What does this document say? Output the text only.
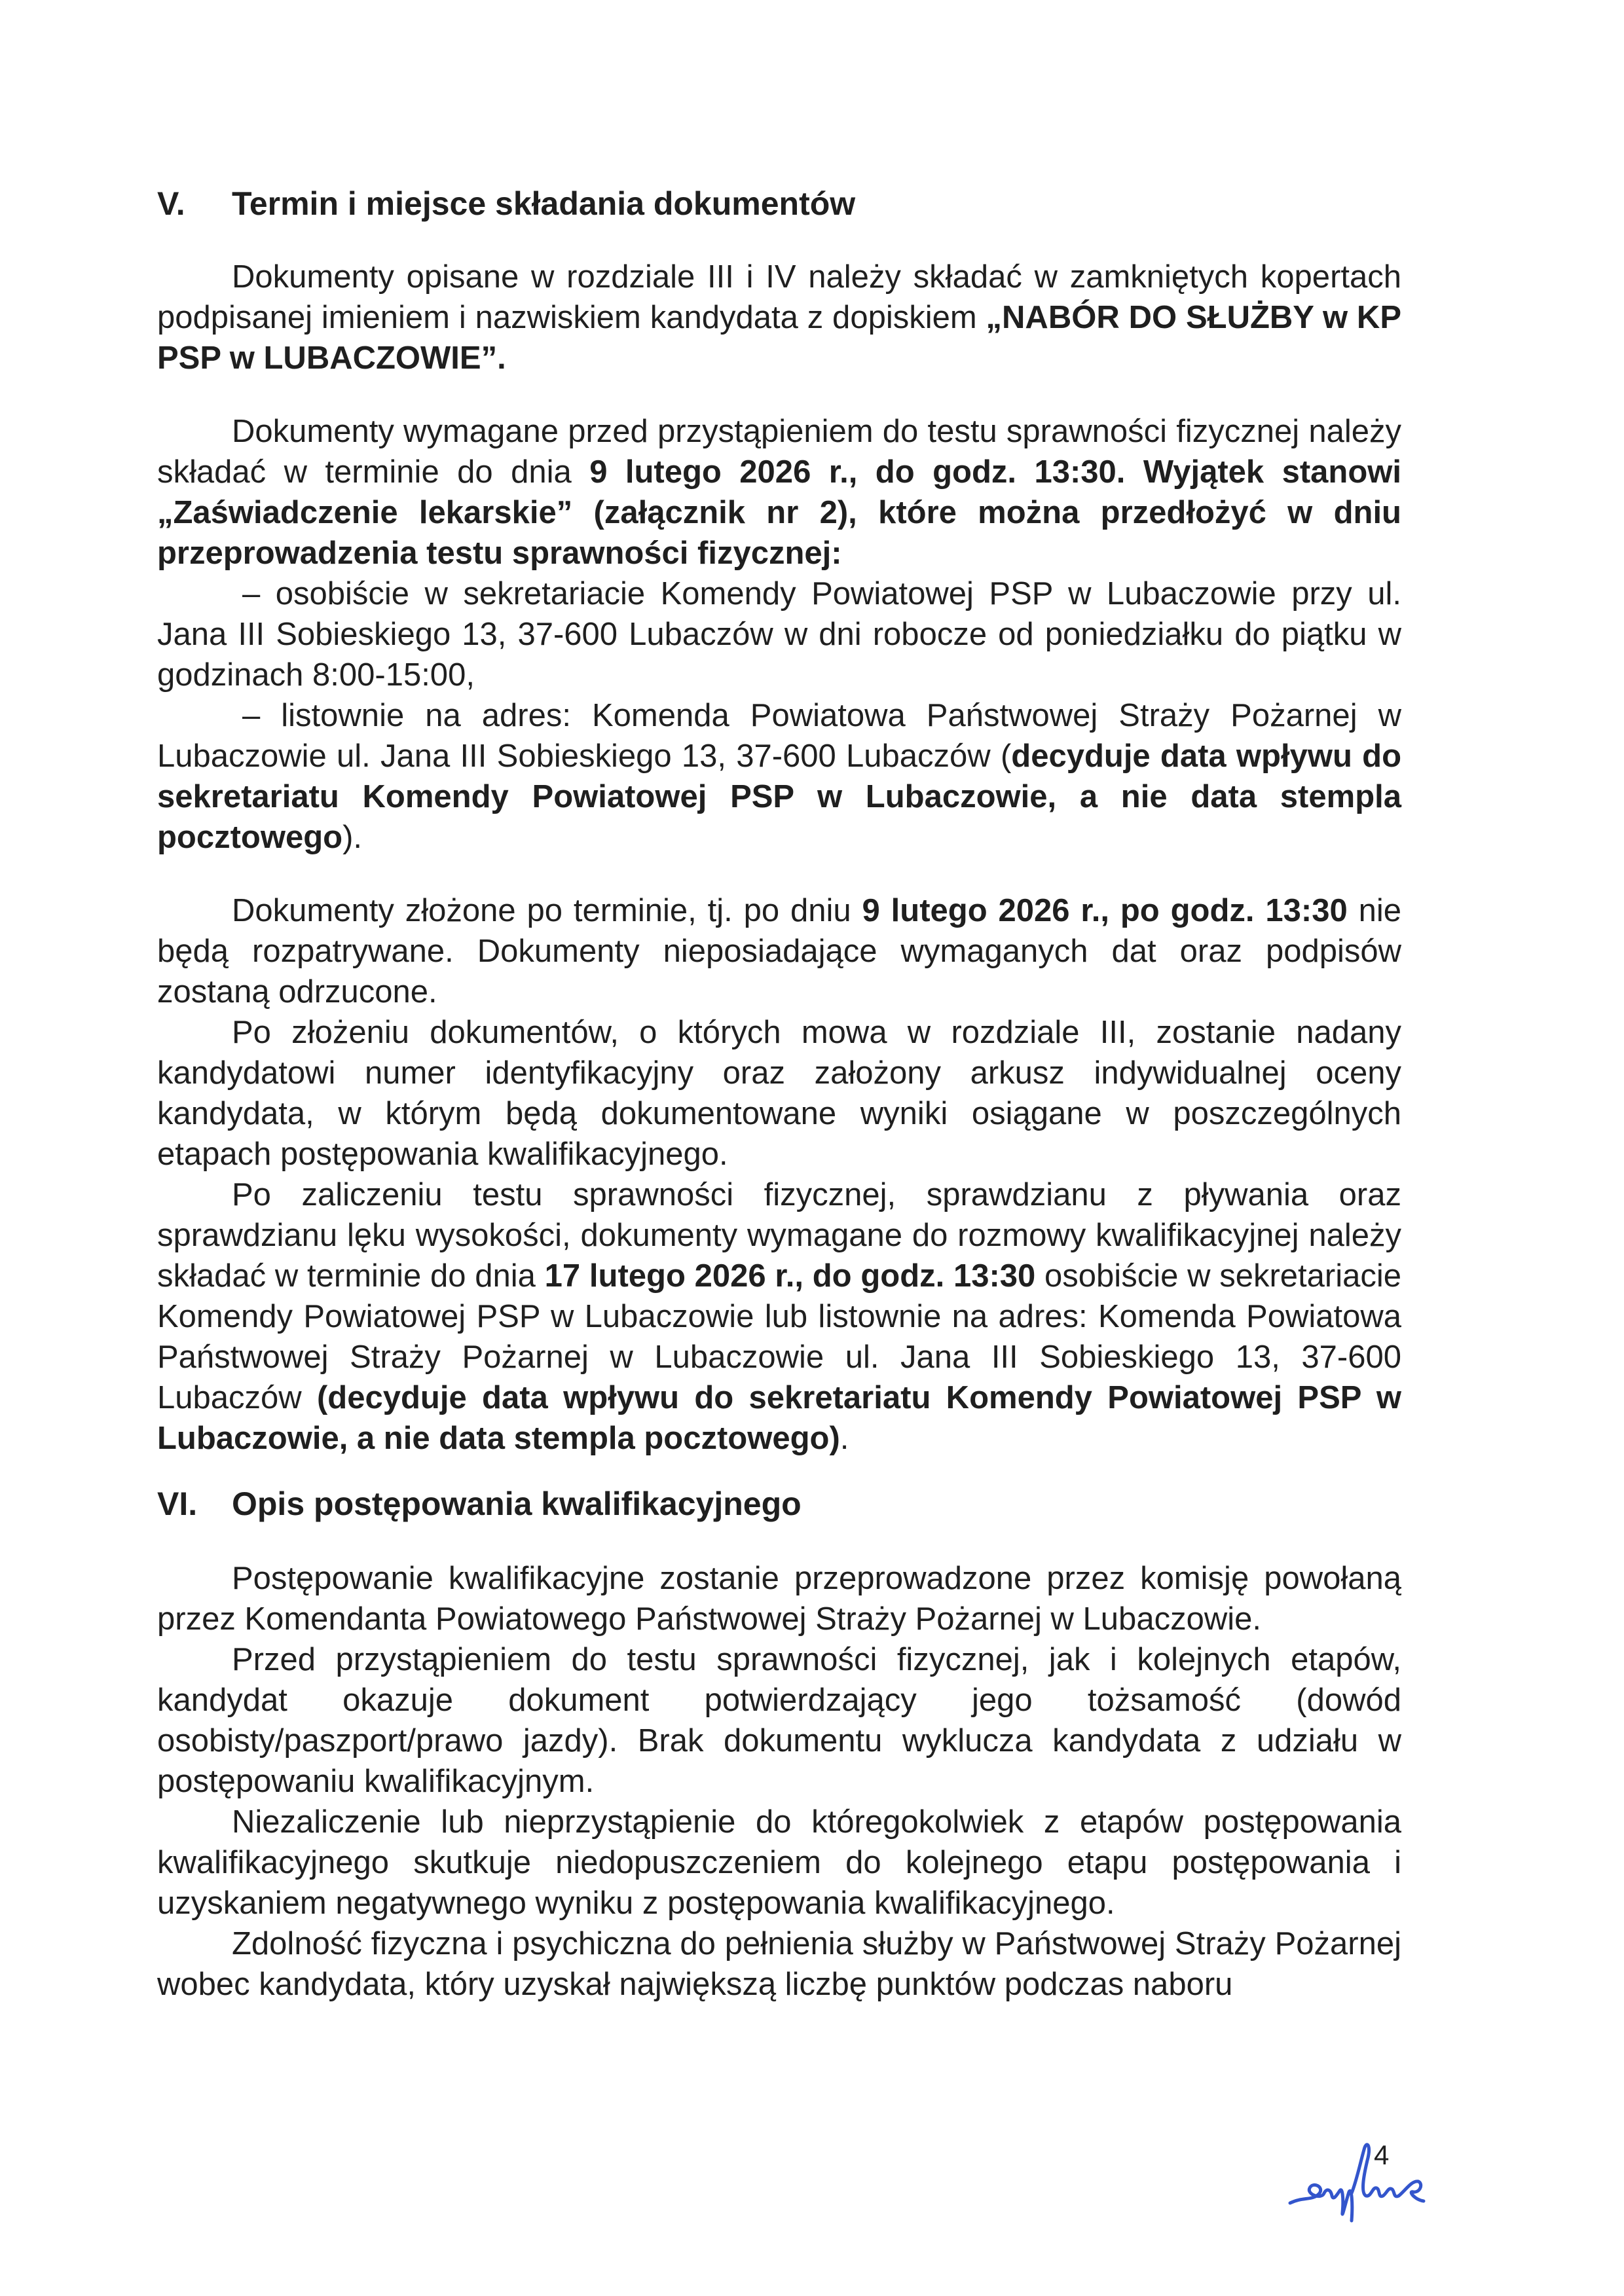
V.	Termin i miejsce składania dokumentów

Dokumenty opisane w rozdziale III i IV należy składać w zamkniętych kopertach podpisanej imieniem i nazwiskiem kandydata z dopiskiem „NABÓR DO SŁUŻBY w KP PSP w LUBACZOWIE”.

Dokumenty wymagane przed przystąpieniem do testu sprawności fizycznej należy składać w terminie do dnia 9 lutego 2026 r., do godz. 13:30. Wyjątek stanowi „Zaświadczenie lekarskie” (załącznik nr 2), które można przedłożyć w dniu przeprowadzenia testu sprawności fizycznej:

– osobiście w sekretariacie Komendy Powiatowej PSP w Lubaczowie przy ul. Jana III Sobieskiego 13, 37-600 Lubaczów w dni robocze od poniedziałku do piątku w godzinach 8:00-15:00,

– listownie na adres: Komenda Powiatowa Państwowej Straży Pożarnej w Lubaczowie ul. Jana III Sobieskiego 13, 37-600 Lubaczów (decyduje data wpływu do sekretariatu Komendy Powiatowej PSP w Lubaczowie, a nie data stempla pocztowego).

Dokumenty złożone po terminie, tj. po dniu 9 lutego 2026 r., po godz. 13:30 nie będą rozpatrywane. Dokumenty nieposiadające wymaganych dat oraz podpisów zostaną odrzucone.

Po złożeniu dokumentów, o których mowa w rozdziale III, zostanie nadany kandydatowi numer identyfikacyjny oraz założony arkusz indywidualnej oceny kandydata, w którym będą dokumentowane wyniki osiągane w poszczególnych etapach postępowania kwalifikacyjnego.

Po zaliczeniu testu sprawności fizycznej, sprawdzianu z pływania oraz sprawdzianu lęku wysokości, dokumenty wymagane do rozmowy kwalifikacyjnej należy składać w terminie do dnia 17 lutego 2026 r., do godz. 13:30 osobiście w sekretariacie Komendy Powiatowej PSP w Lubaczowie lub listownie na adres: Komenda Powiatowa Państwowej Straży Pożarnej w Lubaczowie ul. Jana III Sobieskiego 13, 37-600 Lubaczów (decyduje data wpływu do sekretariatu Komendy Powiatowej PSP w Lubaczowie, a nie data stempla pocztowego).

VI.	Opis postępowania kwalifikacyjnego

Postępowanie kwalifikacyjne zostanie przeprowadzone przez komisję powołaną przez Komendanta Powiatowego Państwowej Straży Pożarnej w Lubaczowie.

Przed przystąpieniem do testu sprawności fizycznej, jak i kolejnych etapów, kandydat okazuje dokument potwierdzający jego tożsamość (dowód osobisty/paszport/prawo jazdy). Brak dokumentu wyklucza kandydata z udziału w postępowaniu kwalifikacyjnym.

Niezaliczenie lub nieprzystąpienie do któregokolwiek z etapów postępowania kwalifikacyjnego skutkuje niedopuszczeniem do kolejnego etapu postępowania i uzyskaniem negatywnego wyniku z postępowania kwalifikacyjnego.

Zdolność fizyczna i psychiczna do pełnienia służby w Państwowej Straży Pożarnej wobec kandydata, który uzyskał największą liczbę punktów podczas naboru

4
